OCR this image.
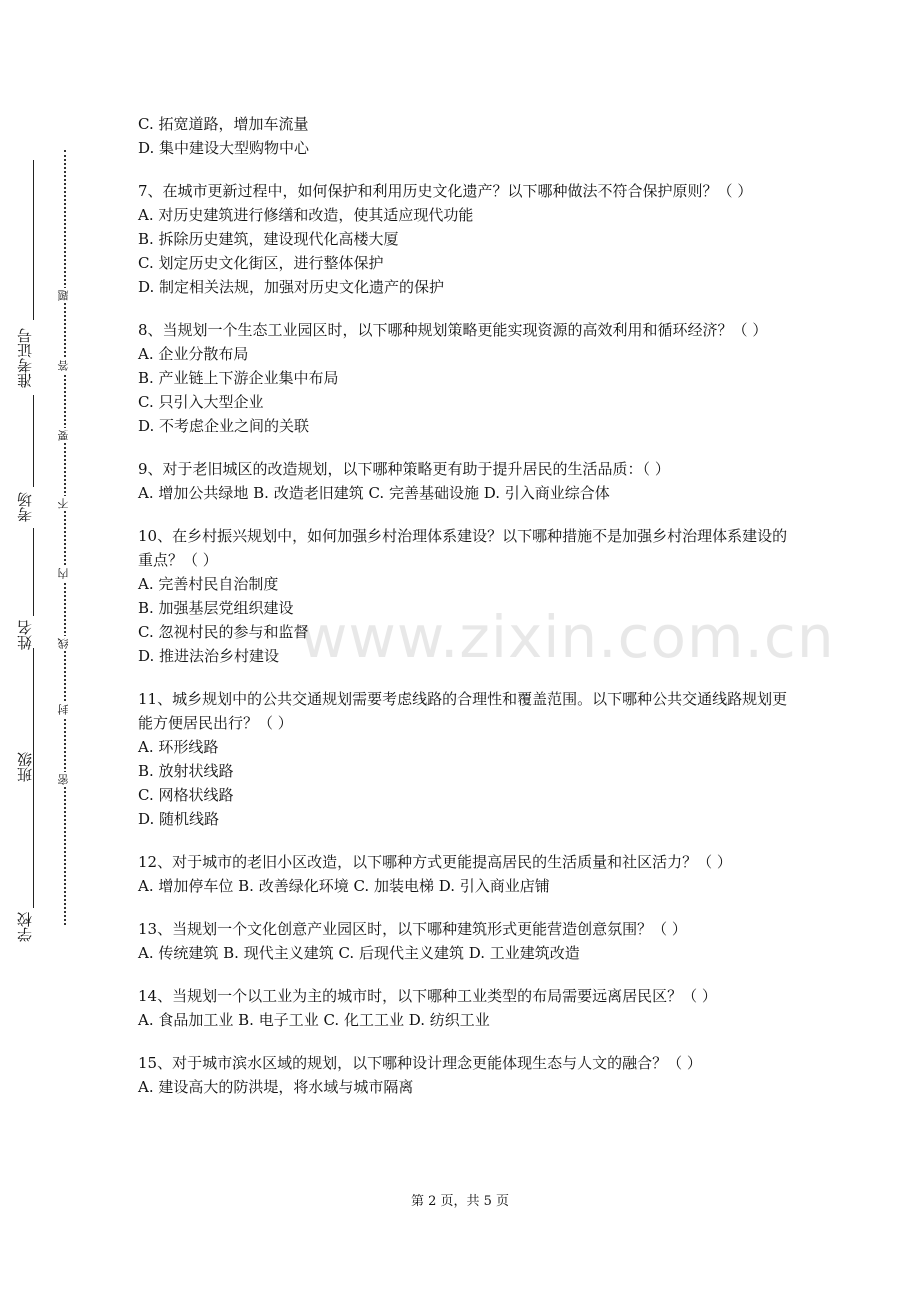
学校
班级
姓名
考场
准考证号
密
封
线
内
不
要
答
题
www.zixin.com.cn
C. 拓宽道路，增加车流量
D. 集中建设大型购物中心
7、在城市更新过程中，如何保护和利用历史文化遗产？以下哪种做法不符合保护原则？（ ）
A. 对历史建筑进行修缮和改造，使其适应现代功能
B. 拆除历史建筑，建设现代化高楼大厦
C. 划定历史文化街区，进行整体保护
D. 制定相关法规，加强对历史文化遗产的保护
8、当规划一个生态工业园区时，以下哪种规划策略更能实现资源的高效利用和循环经济？（ ）
A. 企业分散布局
B. 产业链上下游企业集中布局
C. 只引入大型企业
D. 不考虑企业之间的关联
9、对于老旧城区的改造规划，以下哪种策略更有助于提升居民的生活品质：（ ）
A. 增加公共绿地 B. 改造老旧建筑 C. 完善基础设施 D. 引入商业综合体
10、在乡村振兴规划中，如何加强乡村治理体系建设？以下哪种措施不是加强乡村治理体系建设的重点？（ ）
A. 完善村民自治制度
B. 加强基层党组织建设
C. 忽视村民的参与和监督
D. 推进法治乡村建设
11、城乡规划中的公共交通规划需要考虑线路的合理性和覆盖范围。以下哪种公共交通线路规划更能方便居民出行？（ ）
A. 环形线路
B. 放射状线路
C. 网格状线路
D. 随机线路
12、对于城市的老旧小区改造，以下哪种方式更能提高居民的生活质量和社区活力？（ ）
A. 增加停车位 B. 改善绿化环境 C. 加装电梯 D. 引入商业店铺
13、当规划一个文化创意产业园区时，以下哪种建筑形式更能营造创意氛围？（ ）
A. 传统建筑 B. 现代主义建筑 C. 后现代主义建筑 D. 工业建筑改造
14、当规划一个以工业为主的城市时，以下哪种工业类型的布局需要远离居民区？（ ）
A. 食品加工业 B. 电子工业 C. 化工工业 D. 纺织工业
15、对于城市滨水区域的规划，以下哪种设计理念更能体现生态与人文的融合？（ ）
A. 建设高大的防洪堤，将水域与城市隔离
第 2 页，共 5 页
